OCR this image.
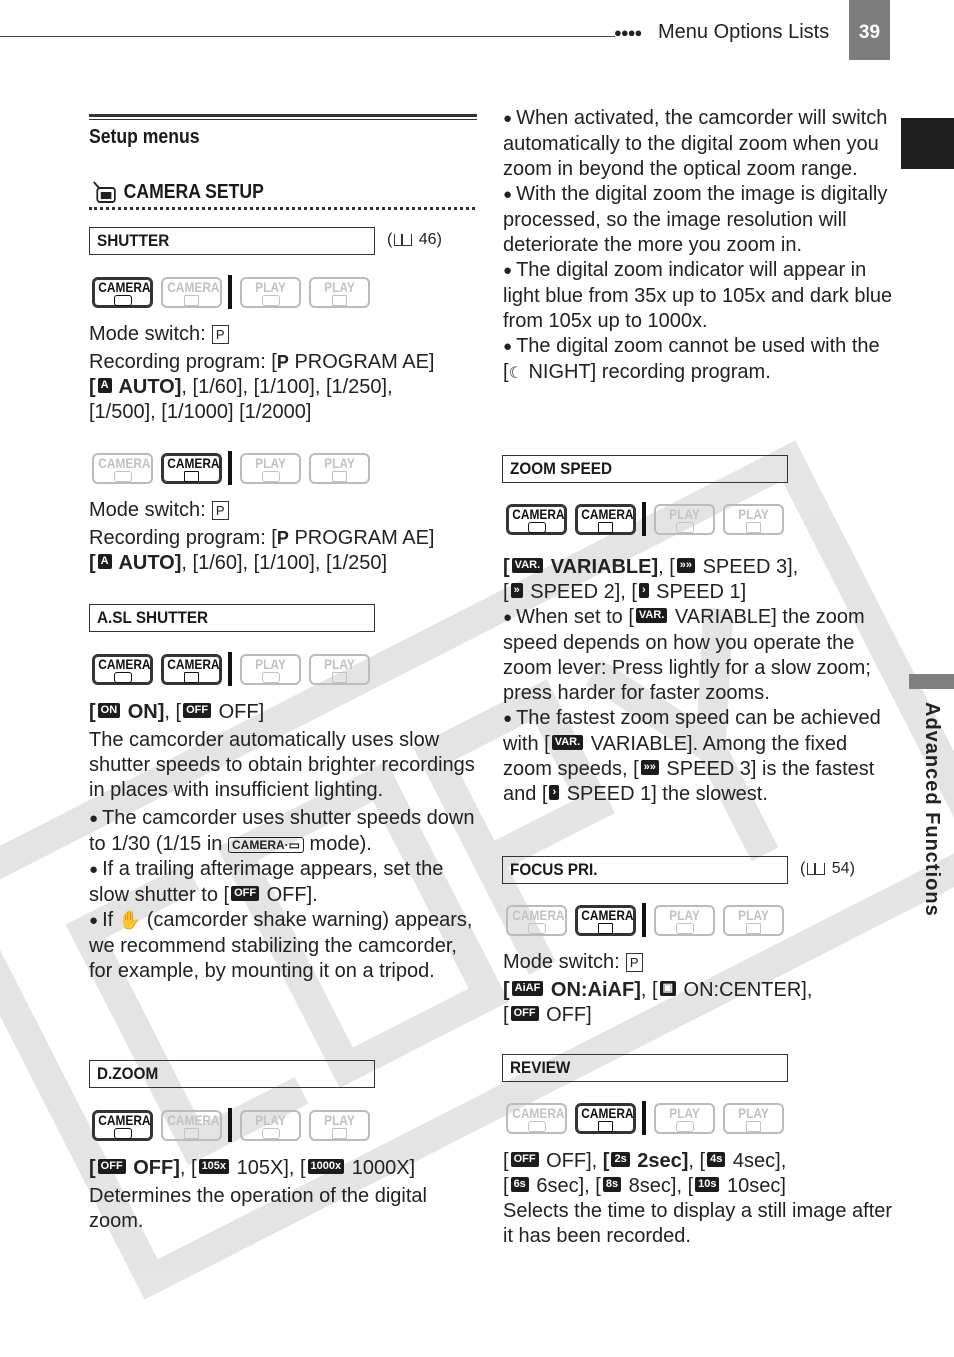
●●●● Menu Options Lists	39
Advanced Functions
Setup menus
CAMERA SETUP
SHUTTER	( 46)
CAMERA CAMERA	PLAY	PLAY

Mode switch: P

Recording program: [P PROGRAM AE]

[ A AUTO], [1/60], [1/100], [1/250],

[1/500], [1/1000] [1/2000]

CAMERA CAMERA	PLAY	PLAY

Mode switch: P

Recording program: [P PROGRAM AE]

[ A AUTO], [1/60], [1/100], [1/250]

A.SL SHUTTER
CAMERA CAMERA	PLAY	PLAY

[ ON ON], [ OFF OFF]

The camcorder automatically uses slow shutter speeds to obtain brighter recordings in places with insufficient lighting.

● The camcorder uses shutter speeds down to 1/30 (1/15 in CAMERA·▭ mode).

● If a trailing afterimage appears, set the slow shutter to [ OFF OFF].

● If ✋ (camcorder shake warning) appears, we recommend stabilizing the camcorder, for example, by mounting it on a tripod.

D.ZOOM
CAMERA CAMERA	PLAY	PLAY

[ OFF OFF], [ 105x 105X], [ 1000x 1000X]

Determines the operation of the digital zoom.

● When activated, the camcorder will switch automatically to the digital zoom when you zoom in beyond the optical zoom range.

● With the digital zoom the image is digitally processed, so the image resolution will deteriorate the more you zoom in.

● The digital zoom indicator will appear in light blue from 35x up to 105x and dark blue from 105x up to 1000x.

● The digital zoom cannot be used with the [☾ NIGHT] recording program.

ZOOM SPEED
CAMERA CAMERA	PLAY	PLAY

[ VAR. VARIABLE], [ »» SPEED 3],

[ » SPEED 2], [ › SPEED 1]

● When set to [ VAR. VARIABLE] the zoom speed depends on how you operate the zoom lever: Press lightly for a slow zoom; press harder for faster zooms.

● The fastest zoom speed can be achieved with [ VAR. VARIABLE]. Among the fixed zoom speeds, [ »» SPEED 3] is the fastest and [ › SPEED 1] the slowest.

FOCUS PRI.	( 54)
CAMERA CAMERA	PLAY	PLAY

Mode switch: P

[ AiAF ON:AiAF], [ ▣ ON:CENTER],

[ OFF OFF]

REVIEW
CAMERA CAMERA	PLAY	PLAY

[ OFF OFF], [ 2s 2sec], [ 4s 4sec],

[ 6s 6sec], [ 8s 8sec], [ 10s 10sec]

Selects the time to display a still image after it has been recorded.
